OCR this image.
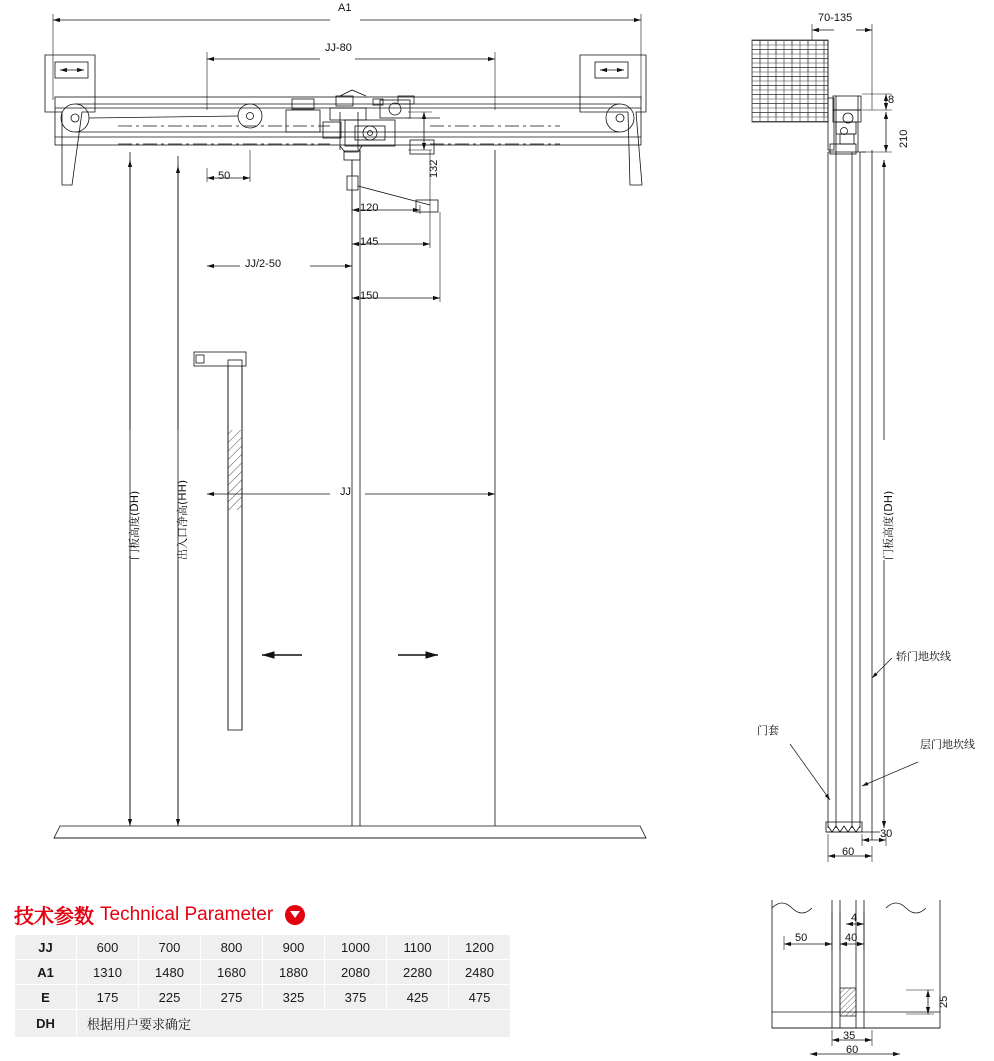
A1
JJ-80
50	132
120
145
150
JJ/2-50
JJ
门板高度(DH)	出入口净高(HH)
70-135
8
210
门板高度(DH)
轿门地坎线
层门地坎线
门套
30
60
50
4
40
25
35
60
技术参数 Technical Parameter
JJ	600	700	800	900	1000	1100	1200
A1	1310	1480	1680	1880	2080	2280	2480
E	175	225	275	325	375	425	475
DH	根据用户要求确定						
